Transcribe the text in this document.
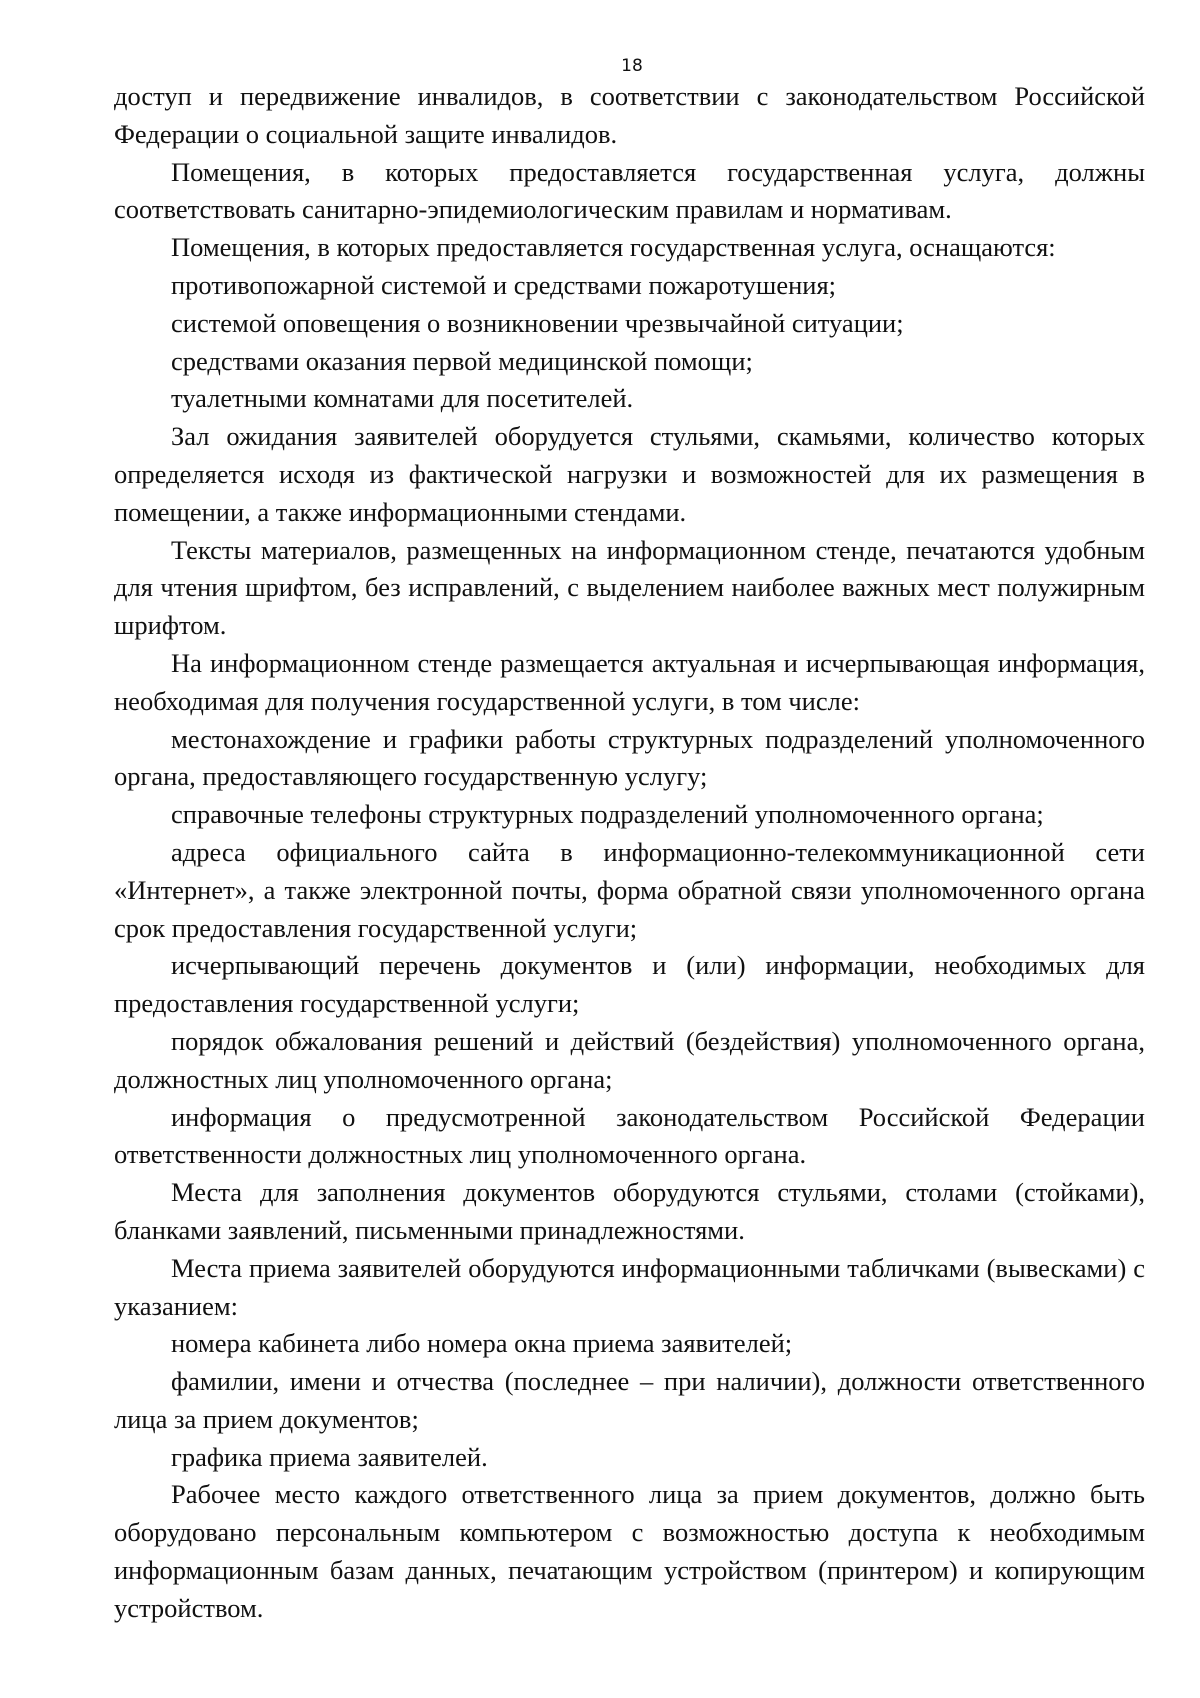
18

доступ и передвижение инвалидов, в соответствии с законодательством Российской Федерации о социальной защите инвалидов.

Помещения, в которых предоставляется государственная услуга, должны соответствовать санитарно-эпидемиологическим правилам и нормативам.

Помещения, в которых предоставляется государственная услуга, оснащаются:

противопожарной системой и средствами пожаротушения;

системой оповещения о возникновении чрезвычайной ситуации;

средствами оказания первой медицинской помощи;

туалетными комнатами для посетителей.

Зал ожидания заявителей оборудуется стульями, скамьями, количество которых определяется исходя из фактической нагрузки и возможностей для их размещения в помещении, а также информационными стендами.

Тексты материалов, размещенных на информационном стенде, печатаются удобным для чтения шрифтом, без исправлений, с выделением наиболее важных мест полужирным шрифтом.

На информационном стенде размещается актуальная и исчерпывающая информация, необходимая для получения государственной услуги, в том числе:

местонахождение и графики работы структурных подразделений уполномоченного органа, предоставляющего государственную услугу;

справочные телефоны структурных подразделений уполномоченного органа;

адреса официального сайта в информационно-телекоммуникационной сети «Интернет», а также электронной почты, форма обратной связи уполномоченного органа срок предоставления государственной услуги;

исчерпывающий перечень документов и (или) информации, необходимых для предоставления государственной услуги;

порядок обжалования решений и действий (бездействия) уполномоченного органа, должностных лиц уполномоченного органа;

информация о предусмотренной законодательством Российской Федерации ответственности должностных лиц уполномоченного органа.

Места для заполнения документов оборудуются стульями, столами (стойками), бланками заявлений, письменными принадлежностями.

Места приема заявителей оборудуются информационными табличками (вывесками) с указанием:

номера кабинета либо номера окна приема заявителей;

фамилии, имени и отчества (последнее – при наличии), должности ответственного лица за прием документов;

графика приема заявителей.

Рабочее место каждого ответственного лица за прием документов, должно быть оборудовано персональным компьютером с возможностью доступа к необходимым информационным базам данных, печатающим устройством (принтером) и копирующим устройством.
